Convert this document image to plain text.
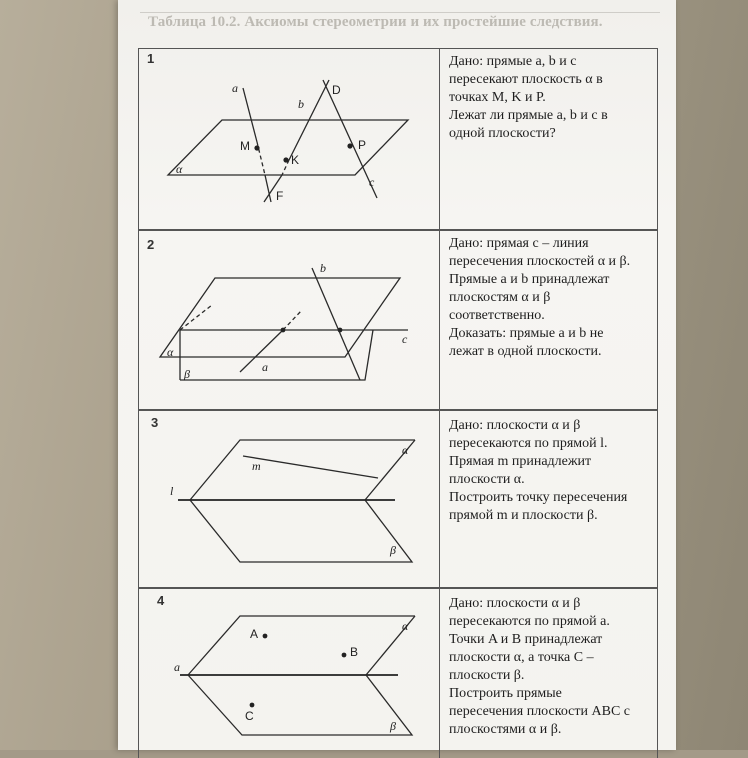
Таблица 10.2. Аксиомы стереометрии и их простейшие следствия.
1	Дано: прямые a, b и c
пересекают плоскость α в
точках M, K и P.
Лежат ли прямые a, b и c в
одной плоскости?
2	Дано: прямая c – линия
пересечения плоскостей α и β.
Прямые a и b принадлежат
плоскостям α и β
соответственно.
Доказать: прямые a и b не
лежат в одной плоскости.
3	Дано: плоскости α и β
пересекаются по прямой l.
Прямая m принадлежит
плоскости α.
Построить точку пересечения
прямой m и плоскости β.
4	Дано: плоскости α и β
пересекаются по прямой a.
Точки A и B принадлежат
плоскости α, а точка C –
плоскости β.
Построить прямые
пересечения плоскости ABC с
плоскостями α и β.
a
b
c
D
M
K
P
F
α
b
c
a
α
β
l
m
α
β
A
B
C
a
α
β
